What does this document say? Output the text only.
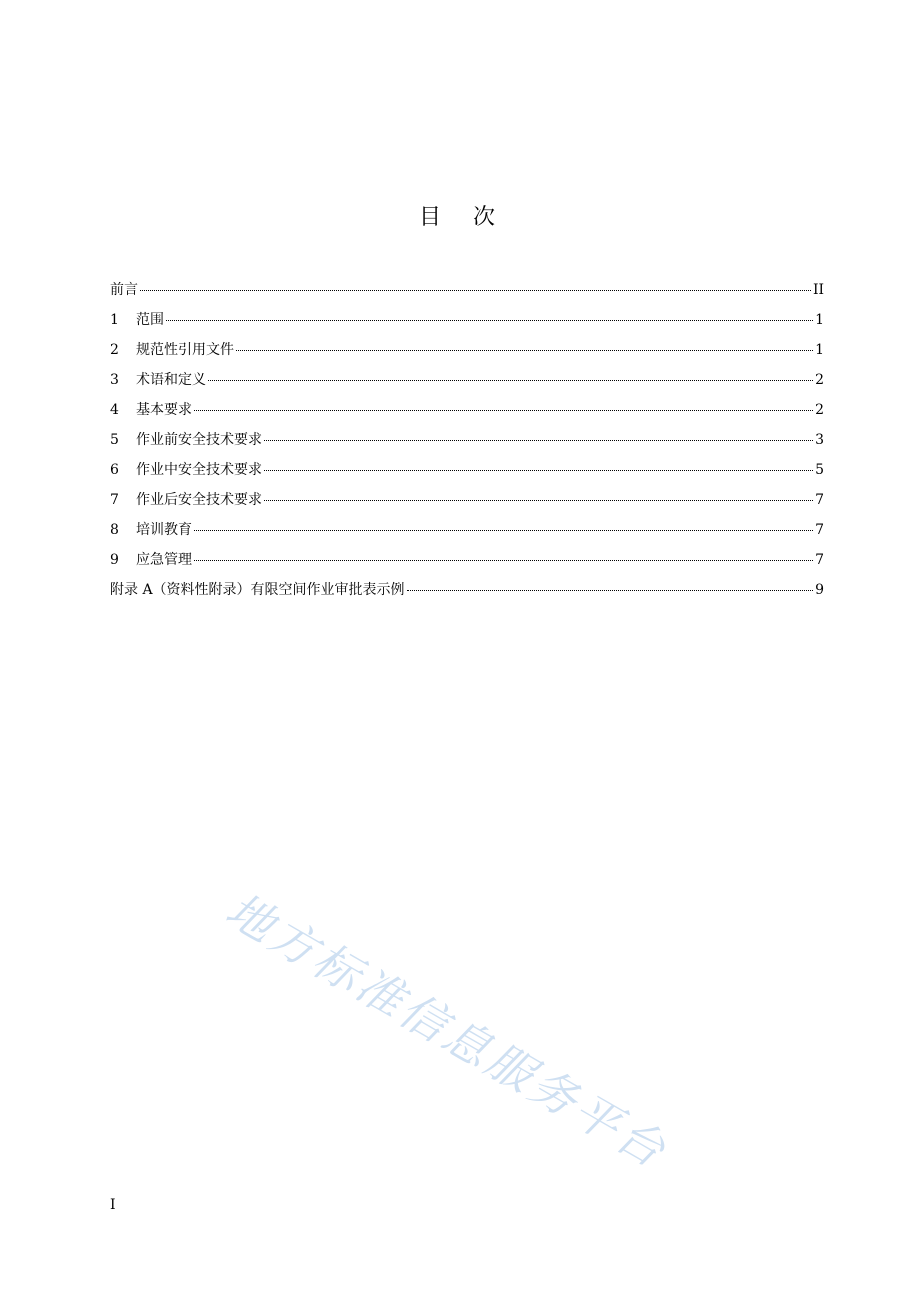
目 次
前言	II
1	范围	1
2	规范性引用文件	1
3	术语和定义	2
4	基本要求	2
5	作业前安全技术要求	3
6	作业中安全技术要求	5
7	作业后安全技术要求	7
8	培训教育	7
9	应急管理	7
附录 A（资料性附录）有限空间作业审批表示例	9
地方标准信息服务平台
I
